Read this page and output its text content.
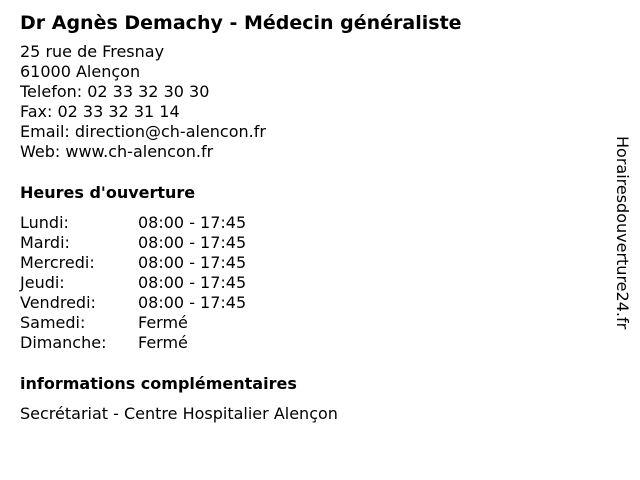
Dr Agnès Demachy - Médecin généraliste
25 rue de Fresnay
61000 Alençon
Telefon: 02 33 32 30 30
Fax: 02 33 32 31 14
Email: direction@ch-alencon.fr
Web: www.ch-alencon.fr
Heures d'ouverture
Lundi:	08:00 - 17:45
Mardi:	08:00 - 17:45
Mercredi:	08:00 - 17:45
Jeudi:	08:00 - 17:45
Vendredi:	08:00 - 17:45
Samedi:	Fermé
Dimanche:	Fermé
informations complémentaires
Secrétariat - Centre Hospitalier Alençon
Horairesdouverture24.fr
